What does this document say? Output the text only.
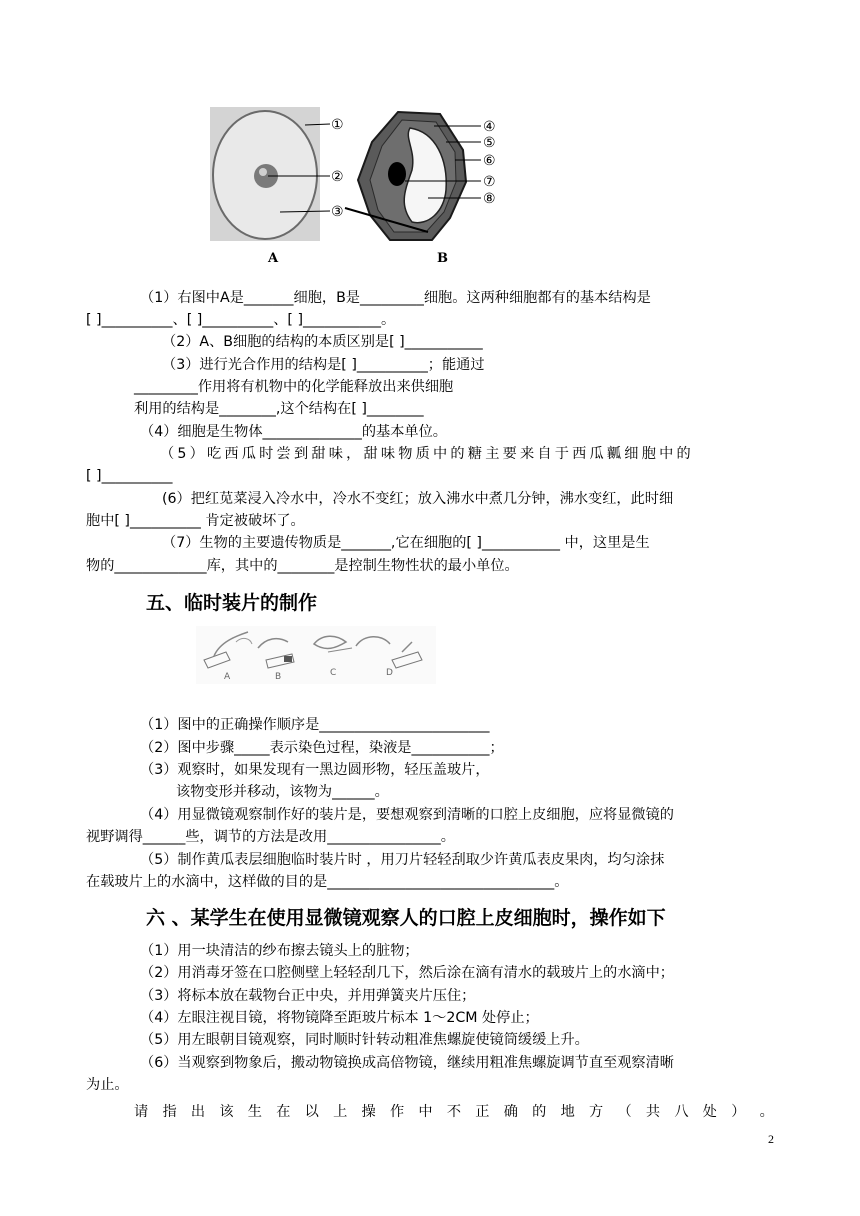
①
②
③
A
④
⑤
⑥
⑦
⑧
B
（1）右图中A是_______细胞，B是_________细胞。这两种细胞都有的基本结构是
[ ]__________、[ ]__________、[ ]___________。
（2）A、B细胞的结构的本质区别是[ ]___________
（3）进行光合作用的结构是[ ]__________；能通过
_________作用将有机物中的化学能释放出来供细胞
利用的结构是________,这个结构在[ ]________
（4）细胞是生物体______________的基本单位。
（5）吃西瓜时尝到甜味，甜味物质中的糖主要来自于西瓜瓤细胞中的
[ ]__________
(6）把红苋菜浸入冷水中，冷水不变红；放入沸水中煮几分钟，沸水变红，此时细
胞中[ ]__________ 肯定被破坏了。
（7）生物的主要遗传物质是_______,它在细胞的[ ]___________ 中，这里是生
物的_____________库，其中的________是控制生物性状的最小单位。
五、临时装片的制作
A	B	C	D
（1）图中的正确操作顺序是________________________
（2）图中步骤_____表示染色过程，染液是___________；
（3）观察时，如果发现有一黑边圆形物，轻压盖玻片，
该物变形并移动，该物为______。
（4）用显微镜观察制作好的装片是，要想观察到清晰的口腔上皮细胞，应将显微镜的
视野调得______些，调节的方法是改用________________。
（5）制作黄瓜表层细胞临时装片时 ，用刀片轻轻刮取少许黄瓜表皮果肉，均匀涂抹
在载玻片上的水滴中，这样做的目的是________________________________。
六 、某学生在使用显微镜观察人的口腔上皮细胞时，操作如下
（1）用一块清洁的纱布擦去镜头上的脏物；
（2）用消毒牙签在口腔侧壁上轻轻刮几下，然后涂在滴有清水的载玻片上的水滴中；
（3）将标本放在载物台正中央，并用弹簧夹片压住；
（4）左眼注视目镜，将物镜降至距玻片标本 1～2CM 处停止；
（5）用左眼朝目镜观察，同时顺时针转动粗准焦螺旋使镜筒缓缓上升。
（6）当观察到物象后，搬动物镜换成高倍物镜，继续用粗准焦螺旋调节直至观察清晰
为止。
请 指 出 该 生 在 以 上 操 作 中 不 正 确 的 地 方 （ 共 八 处 ） 。
2
